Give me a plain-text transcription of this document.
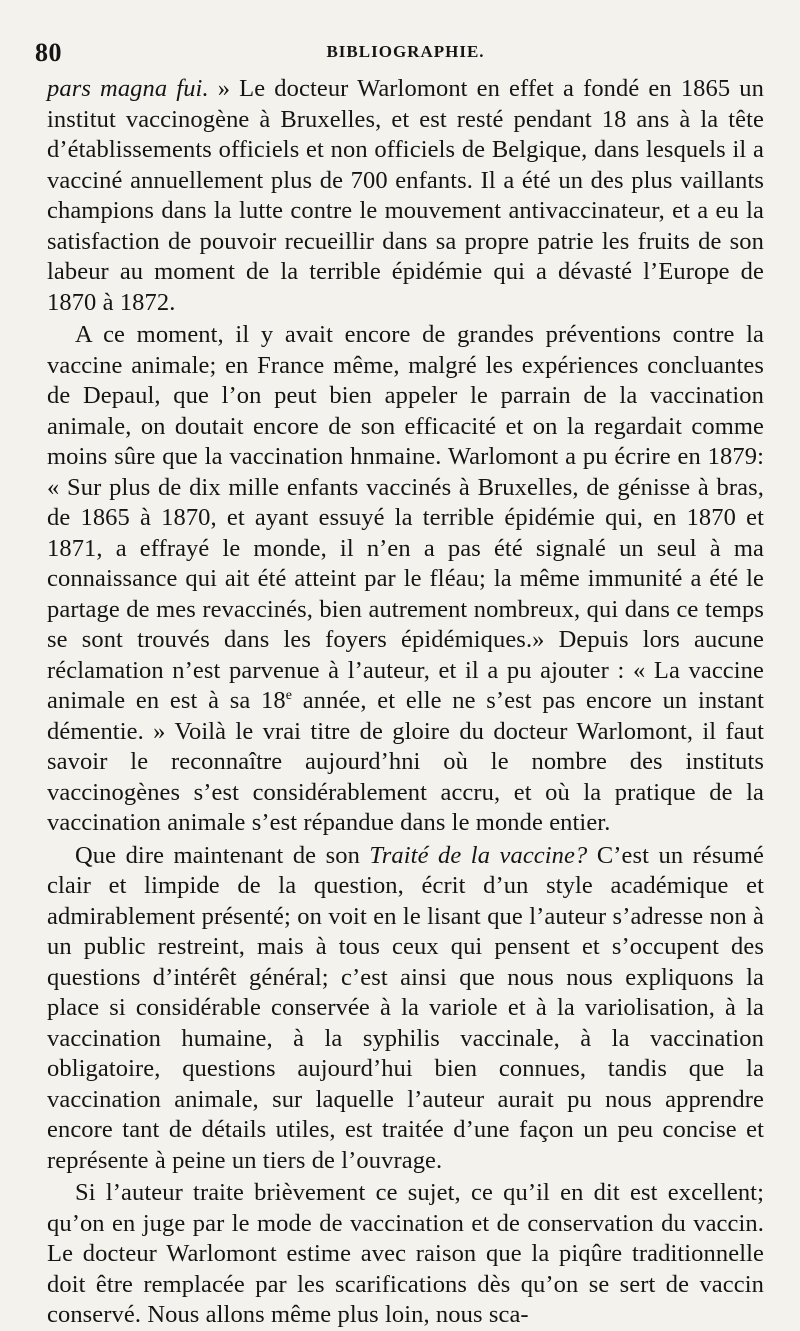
80	BIBLIOGRAPHIE.

pars magna fui. » Le docteur Warlomont en effet a fondé en 1865 un institut vaccinogène à Bruxelles, et est resté pendant 18 ans à la tête d’établissements officiels et non officiels de Belgique, dans lesquels il a vacciné annuellement plus de 700 enfants. Il a été un des plus vaillants champions dans la lutte contre le mouvement antivaccinateur, et a eu la satisfaction de pouvoir recueillir dans sa propre patrie les fruits de son labeur au moment de la terrible épidémie qui a dévasté l’Europe de 1870 à 1872.

A ce moment, il y avait encore de grandes préventions contre la vaccine animale; en France même, malgré les expériences concluantes de Depaul, que l’on peut bien appeler le parrain de la vaccination animale, on doutait encore de son efficacité et on la regardait comme moins sûre que la vaccination hnmaine. Warlomont a pu écrire en 1879: « Sur plus de dix mille enfants vaccinés à Bruxelles, de génisse à bras, de 1865 à 1870, et ayant essuyé la terrible épidémie qui, en 1870 et 1871, a effrayé le monde, il n’en a pas été signalé un seul à ma connaissance qui ait été atteint par le fléau; la même immunité a été le partage de mes revaccinés, bien autrement nombreux, qui dans ce temps se sont trouvés dans les foyers épidémiques.» Depuis lors aucune réclamation n’est parvenue à l’auteur, et il a pu ajouter : « La vaccine animale en est à sa 18e année, et elle ne s’est pas encore un instant démentie. » Voilà le vrai titre de gloire du docteur Warlomont, il faut savoir le reconnaître aujourd’hni où le nombre des instituts vaccinogènes s’est considérablement accru, et où la pratique de la vaccination animale s’est répandue dans le monde entier.

Que dire maintenant de son Traité de la vaccine? C’est un résumé clair et limpide de la question, écrit d’un style académique et admirablement présenté; on voit en le lisant que l’auteur s’adresse non à un public restreint, mais à tous ceux qui pensent et s’occupent des questions d’intérêt général; c’est ainsi que nous nous expliquons la place si considérable conservée à la variole et à la variolisation, à la vaccination humaine, à la syphilis vaccinale, à la vaccination obligatoire, questions aujourd’hui bien connues, tandis que la vaccination animale, sur laquelle l’auteur aurait pu nous apprendre encore tant de détails utiles, est traitée d’une façon un peu concise et représente à peine un tiers de l’ouvrage.

Si l’auteur traite brièvement ce sujet, ce qu’il en dit est excellent; qu’on en juge par le mode de vaccination et de conservation du vaccin. Le docteur Warlomont estime avec raison que la piqûre traditionnelle doit être remplacée par les scarifications dès qu’on se sert de vaccin conservé. Nous allons même plus loin, nous sca-
